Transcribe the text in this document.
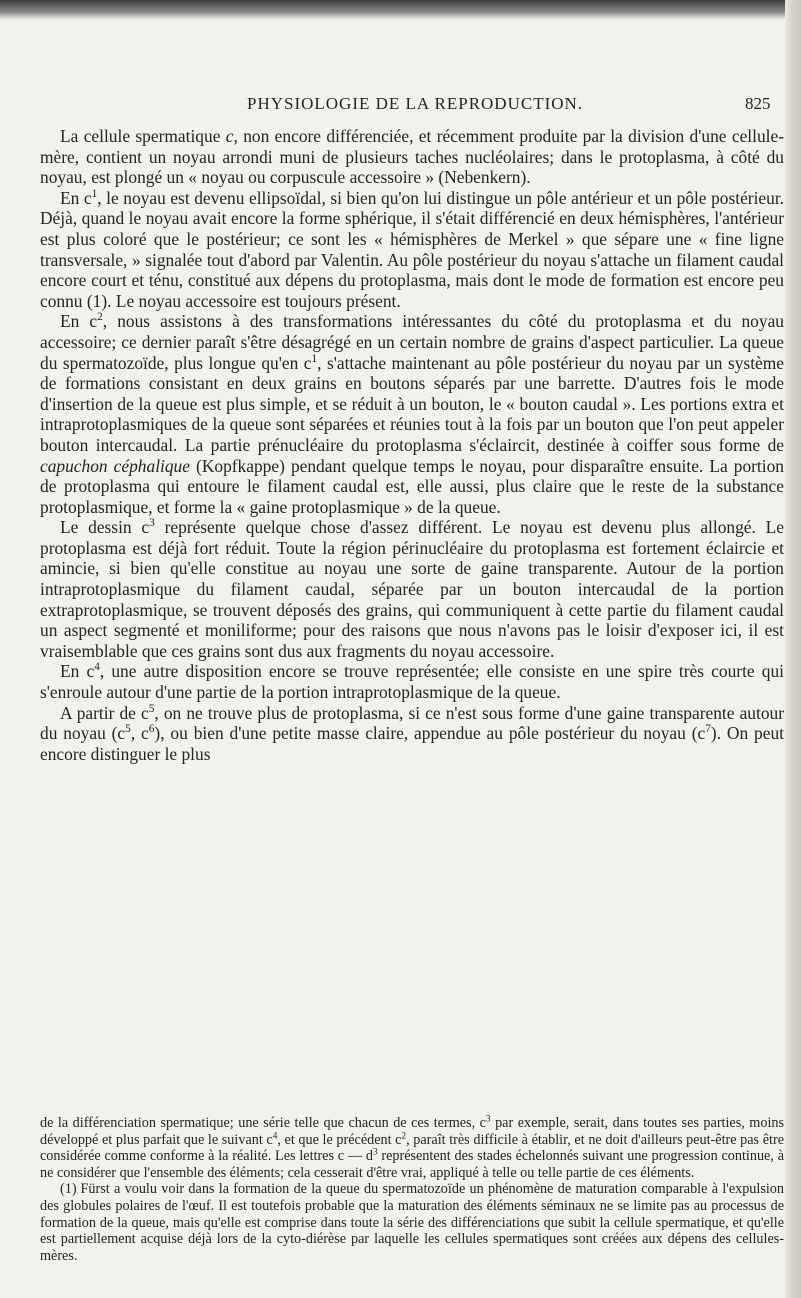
PHYSIOLOGIE DE LA REPRODUCTION.	825

La cellule spermatique c, non encore différenciée, et récemment produite par la division d'une cellule-mère, contient un noyau arrondi muni de plusieurs taches nucléolaires; dans le protoplasma, à côté du noyau, est plongé un « noyau ou corpuscule accessoire » (Nebenkern).

En $c^1$, le noyau est devenu ellipsoïdal, si bien qu'on lui distingue un pôle antérieur et un pôle postérieur. Déjà, quand le noyau avait encore la forme sphérique, il s'était différencié en deux hémisphères, l'antérieur est plus coloré que le postérieur; ce sont les « hémisphères de Merkel » que sépare une « fine ligne transversale, » signalée tout d'abord par Valentin. Au pôle postérieur du noyau s'attache un filament caudal encore court et ténu, constitué aux dépens du protoplasma, mais dont le mode de formation est encore peu connu (1). Le noyau accessoire est toujours présent.

En $c^2$, nous assistons à des transformations intéressantes du côté du protoplasma et du noyau accessoire; ce dernier paraît s'être désagrégé en un certain nombre de grains d'aspect particulier. La queue du spermatozoïde, plus longue qu'en $c^1$, s'attache maintenant au pôle postérieur du noyau par un système de formations consistant en deux grains en boutons séparés par une barrette. D'autres fois le mode d'insertion de la queue est plus simple, et se réduit à un bouton, le « bouton caudal ». Les portions extra et intraprotoplasmiques de la queue sont séparées et réunies tout à la fois par un bouton que l'on peut appeler bouton intercaudal. La partie prénucléaire du protoplasma s'éclaircit, destinée à coiffer sous forme de capuchon céphalique (Kopfkappe) pendant quelque temps le noyau, pour disparaître ensuite. La portion de protoplasma qui entoure le filament caudal est, elle aussi, plus claire que le reste de la substance protoplasmique, et forme la « gaine protoplasmique » de la queue.

Le dessin $c^3$ représente quelque chose d'assez différent. Le noyau est devenu plus allongé. Le protoplasma est déjà fort réduit. Toute la région périnucléaire du protoplasma est fortement éclaircie et amincie, si bien qu'elle constitue au noyau une sorte de gaine transparente. Autour de la portion intraprotoplasmique du filament caudal, séparée par un bouton intercaudal de la portion extraprotoplasmique, se trouvent déposés des grains, qui communiquent à cette partie du filament caudal un aspect segmenté et moniliforme; pour des raisons que nous n'avons pas le loisir d'exposer ici, il est vraisemblable que ces grains sont dus aux fragments du noyau accessoire.

En $c^4$, une autre disposition encore se trouve représentée; elle consiste en une spire très courte qui s'enroule autour d'une partie de la portion intraprotoplasmique de la queue.

A partir de $c^5$, on ne trouve plus de protoplasma, si ce n'est sous forme d'une gaine transparente autour du noyau ($c^5$, $c^6$), ou bien d'une petite masse claire, appendue au pôle postérieur du noyau $(c^7)$. On peut encore distinguer le plus

de la différenciation spermatique; une série telle que chacun de ces termes, $c^3$ par exemple, serait, dans toutes ses parties, moins développé et plus parfait que le suivant $c^4$, et que le précédent $c^2$, paraît très difficile à établir, et ne doit d'ailleurs peut-être pas être considérée comme conforme à la réalité. Les lettres c — $d^3$ représentent des stades échelonnés suivant une progression continue, à ne considérer que l'ensemble des éléments; cela cesserait d'être vrai, appliqué à telle ou telle partie de ces éléments.

(1) Fürst a voulu voir dans la formation de la queue du spermatozoïde un phénomène de maturation comparable à l'expulsion des globules polaires de l'œuf. Il est toutefois probable que la maturation des éléments séminaux ne se limite pas au processus de formation de la queue, mais qu'elle est comprise dans toute la série des différenciations que subit la cellule spermatique, et qu'elle est partiellement acquise déjà lors de la cyto-diérèse par laquelle les cellules spermatiques sont créées aux dépens des cellules-mères.
